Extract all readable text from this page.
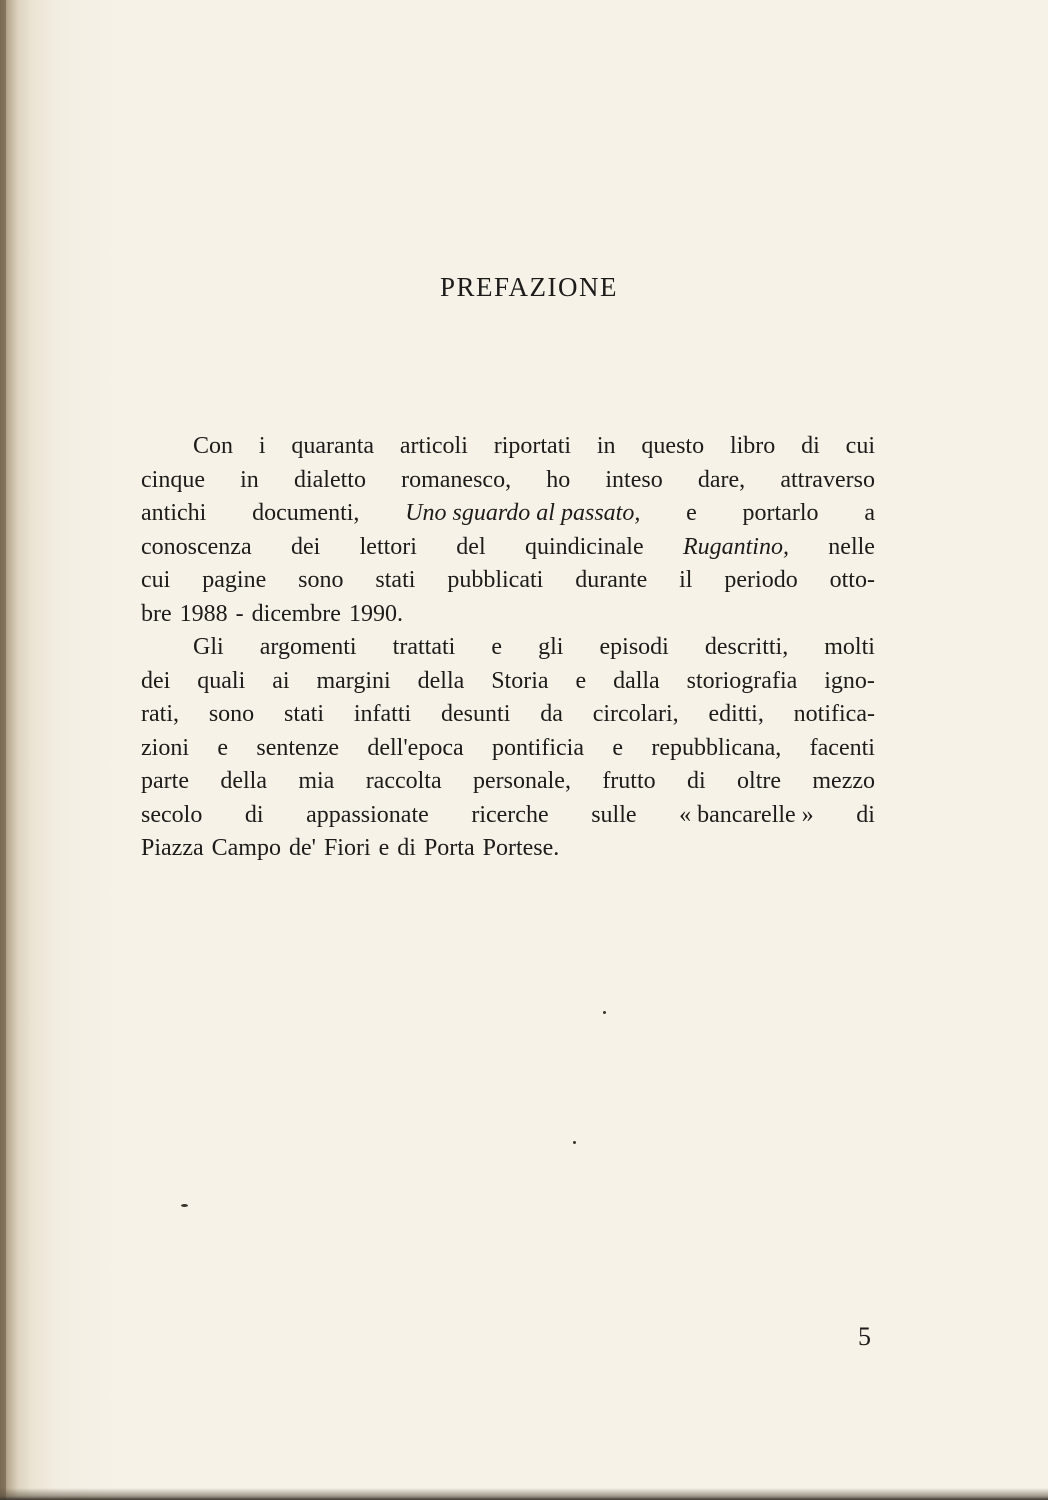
PREFAZIONE
Con i quaranta articoli riportati in questo libro di cui
cinque in dialetto romanesco, ho inteso dare, attraverso
antichi documenti, Uno sguardo al passato, e portarlo a
conoscenza dei lettori del quindicinale Rugantino, nelle
cui pagine sono stati pubblicati durante il periodo otto-
bre 1988 - dicembre 1990.
Gli argomenti trattati e gli episodi descritti, molti
dei quali ai margini della Storia e dalla storiografia igno-
rati, sono stati infatti desunti da circolari, editti, notifica-
zioni e sentenze dell'epoca pontificia e repubblicana, facenti
parte della mia raccolta personale, frutto di oltre mezzo
secolo di appassionate ricerche sulle « bancarelle » di
Piazza Campo de' Fiori e di Porta Portese.
5
